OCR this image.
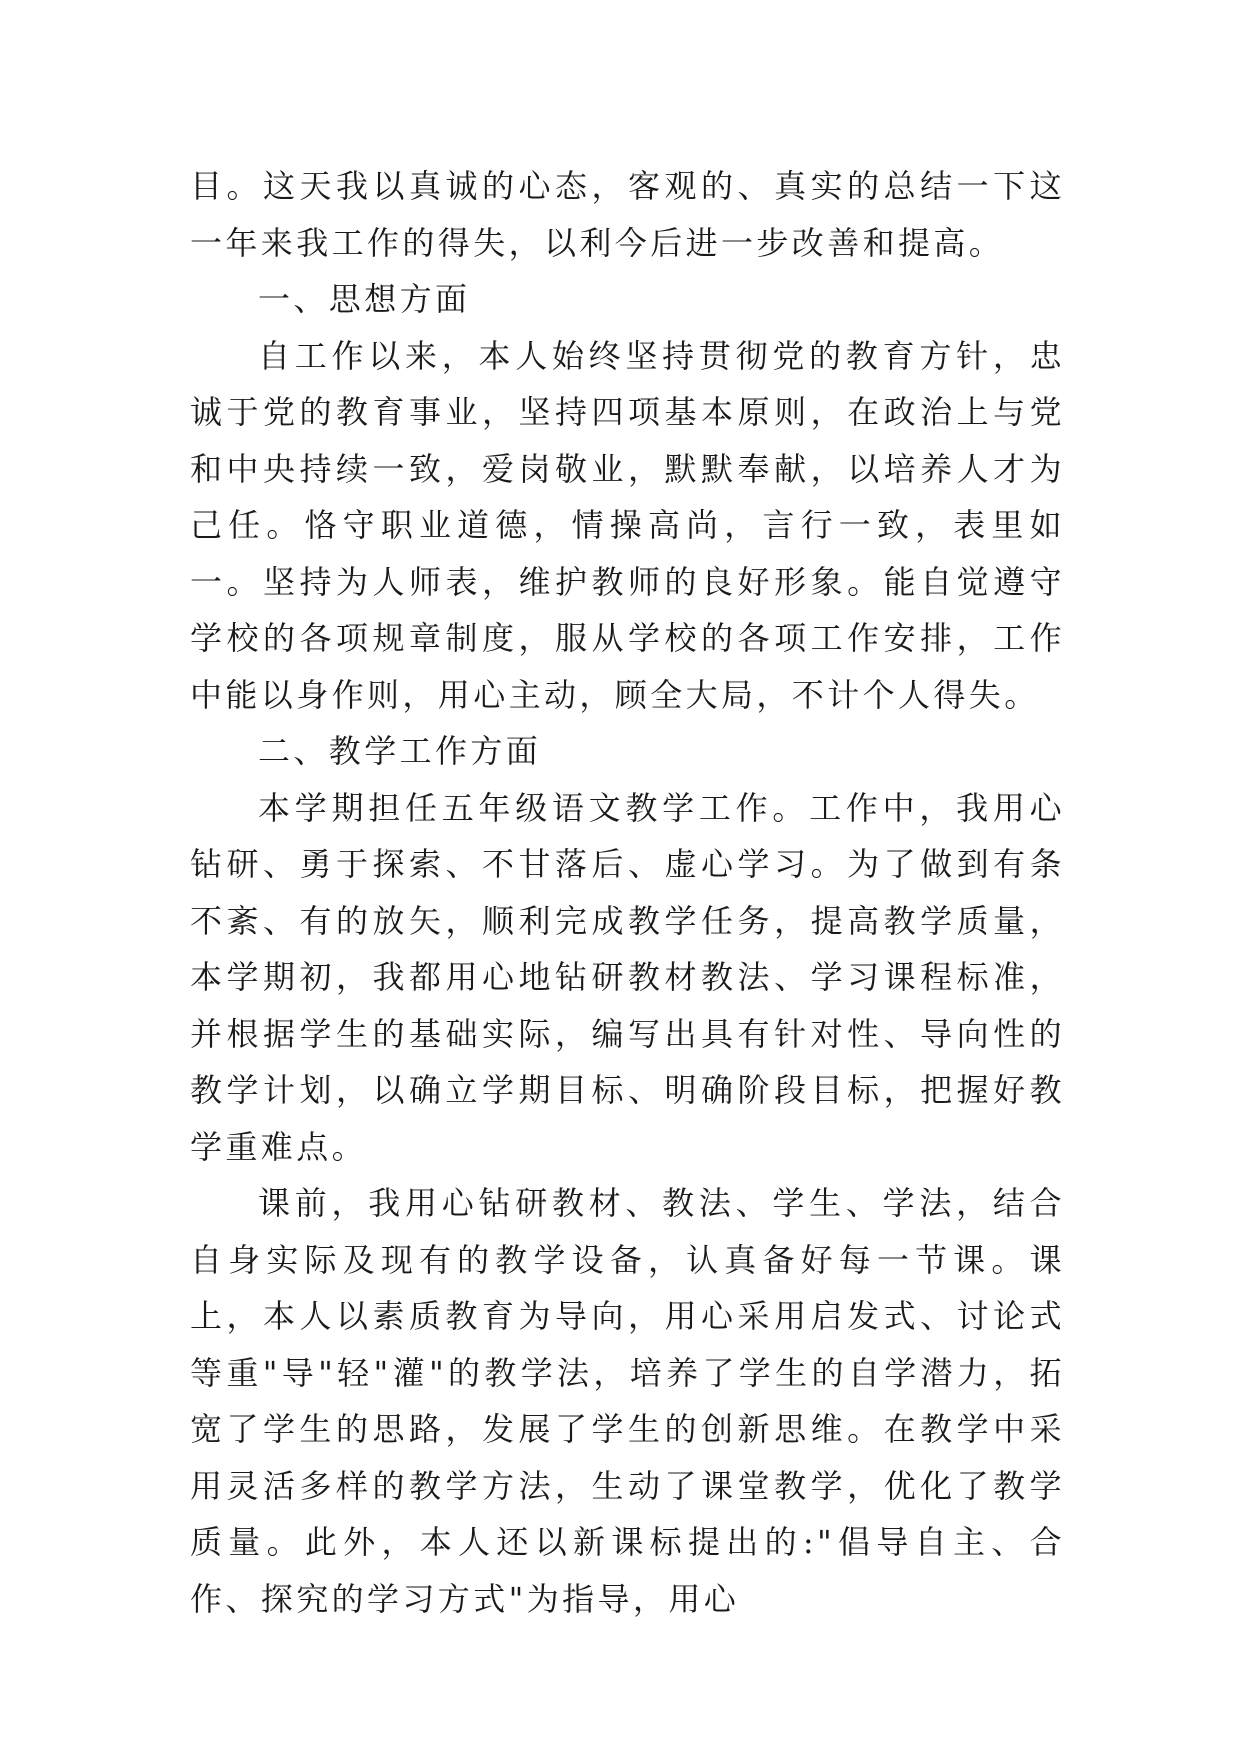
目。这天我以真诚的心态，客观的、真实的总结一下这一年来我工作的得失，以利今后进一步改善和提高。

一、思想方面

自工作以来，本人始终坚持贯彻党的教育方针，忠诚于党的教育事业，坚持四项基本原则，在政治上与党和中央持续一致，爱岗敬业，默默奉献，以培养人才为己任。恪守职业道德，情操高尚，言行一致，表里如一。坚持为人师表，维护教师的良好形象。能自觉遵守学校的各项规章制度，服从学校的各项工作安排，工作中能以身作则，用心主动，顾全大局，不计个人得失。

二、教学工作方面

本学期担任五年级语文教学工作。工作中，我用心钻研、勇于探索、不甘落后、虚心学习。为了做到有条不紊、有的放矢，顺利完成教学任务，提高教学质量，本学期初，我都用心地钻研教材教法、学习课程标准，并根据学生的基础实际，编写出具有针对性、导向性的教学计划，以确立学期目标、明确阶段目标，把握好教学重难点。

课前，我用心钻研教材、教法、学生、学法，结合自身实际及现有的教学设备，认真备好每一节课。课上，本人以素质教育为导向，用心采用启发式、讨论式等重"导"轻"灌"的教学法，培养了学生的自学潜力，拓宽了学生的思路，发展了学生的创新思维。在教学中采用灵活多样的教学方法，生动了课堂教学，优化了教学质量。此外，本人还以新课标提出的:"倡导自主、合作、探究的学习方式"为指导，用心
